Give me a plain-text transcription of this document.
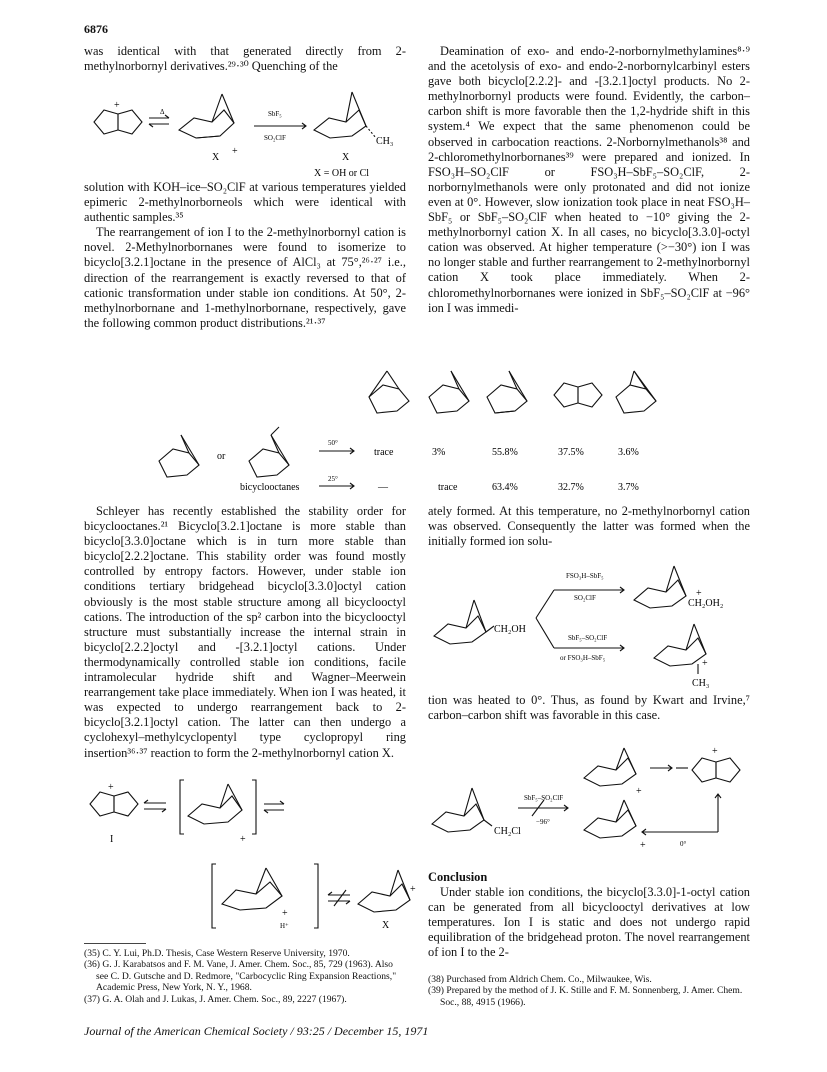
6876

was identical with that generated directly from 2-methylnorbornyl derivatives.²⁹·³⁰ Quenching of the

+
Δ
+
SbF₅
SO₂ClF	CH₃
X	X
X = OH or Cl

solution with KOH–ice–SO₂ClF at various temperatures yielded epimeric 2-methylnorborneols which were identical with authentic samples.³⁵

The rearrangement of ion I to the 2-methylnorbornyl cation is novel. 2-Methylnorbornanes were found to isomerize to bicyclo[3.2.1]octane in the presence of AlCl₃ at 75°,²⁶·²⁷ i.e., direction of the rearrangement is exactly reversed to that of cationic transformation under stable ion conditions. At 50°, 2-methylnorbornane and 1-methylnorbornane, respectively, gave the following common product distributions.²¹·³⁷

or
50°
trace	3%	55.8%	37.5%	3.6%
bicyclooctanes
25°
—	trace	63.4%	32.7%	3.7%

Schleyer has recently established the stability order for bicyclooctanes.²¹ Bicyclo[3.2.1]octane is more stable than bicyclo[3.3.0]octane which is in turn more stable than bicyclo[2.2.2]octane. This stability order was found mostly controlled by entropy factors. However, under stable ion conditions tertiary bridgehead bicyclo[3.3.0]octyl cation obviously is the most stable structure among all bicyclooctyl cations. The introduction of the sp² carbon into the bicyclooctyl structure must substantially increase the internal strain in bicyclo[2.2.2]octyl and -[3.2.1]octyl cations. Under thermodynamically controlled stable ion conditions, facile intramolecular hydride shift and Wagner–Meerwein rearrangement take place immediately. When ion I was heated, it was expected to undergo rearrangement back to 2-bicyclo[3.2.1]octyl cation. The latter can then undergo a cyclohexyl–methylcyclopentyl type cyclopropyl ring insertion³⁶·³⁷ reaction to form the 2-methylnorbornyl cation X.

+
I	+
+
H⁺
+
X
(35) C. Y. Lui, Ph.D. Thesis, Case Western Reserve University, 1970.
(36) G. J. Karabatsos and F. M. Vane, J. Amer. Chem. Soc., 85, 729 (1963). Also see C. D. Gutsche and D. Redmore, "Carbocyclic Ring Expansion Reactions," Academic Press, New York, N. Y., 1968.
(37) G. A. Olah and J. Lukas, J. Amer. Chem. Soc., 89, 2227 (1967).

Deamination of exo- and endo-2-norbornylmethylamines⁸·⁹ and the acetolysis of exo- and endo-2-norbornylcarbinyl esters gave both bicyclo[2.2.2]- and -[3.2.1]octyl products. No 2-methylnorbornyl products were found. Evidently, the carbon–carbon shift is more favorable then the 1,2-hydride shift in this system.⁴ We expect that the same phenomenon could be observed in carbocation reactions. 2-Norbornylmethanols³⁸ and 2-chloromethylnorbornanes³⁹ were prepared and ionized. In FSO₃H–SO₂ClF or FSO₃H–SbF₅–SO₂ClF, 2-norbornylmethanols were only protonated and did not ionize even at 0°. However, slow ionization took place in neat FSO₃H–SbF₅ or SbF₅–SO₂ClF when heated to −10° giving the 2-methylnorbornyl cation X. In all cases, no bicyclo[3.3.0]-octyl cation was observed. At higher temperature (>−30°) ion I was no longer stable and further rearrangement to 2-methylnorbornyl cation X took place immediately. When 2-chloromethylnorbornanes were ionized in SbF₅–SO₂ClF at −96° ion I was immedi-

ately formed. At this temperature, no 2-methylnorbornyl cation was observed. Consequently the latter was formed when the initially formed ion solu-

CH₂OH
FSO₃H–SbF₅
SO₂ClF	CH₂OH₂
+
SbF₅–SO₂ClF
or FSO₃H–SbF₅	+
CH₃

tion was heated to 0°. Thus, as found by Kwart and Irvine,⁷ carbon–carbon shift was favorable in this case.

CH₂Cl
SbF₅–SO₂ClF
−96°
+
+
+
0°

Conclusion

Under stable ion conditions, the bicyclo[3.3.0]-1-octyl cation can be generated from all bicyclooctyl derivatives at low temperatures. Ion I is static and does not undergo rapid equilibration of the bridgehead proton. The novel rearrangement of ion I to the 2-

(38) Purchased from Aldrich Chem. Co., Milwaukee, Wis.
(39) Prepared by the method of J. K. Stille and F. M. Sonnenberg, J. Amer. Chem. Soc., 88, 4915 (1966).
Journal of the American Chemical Society / 93:25 / December 15, 1971
